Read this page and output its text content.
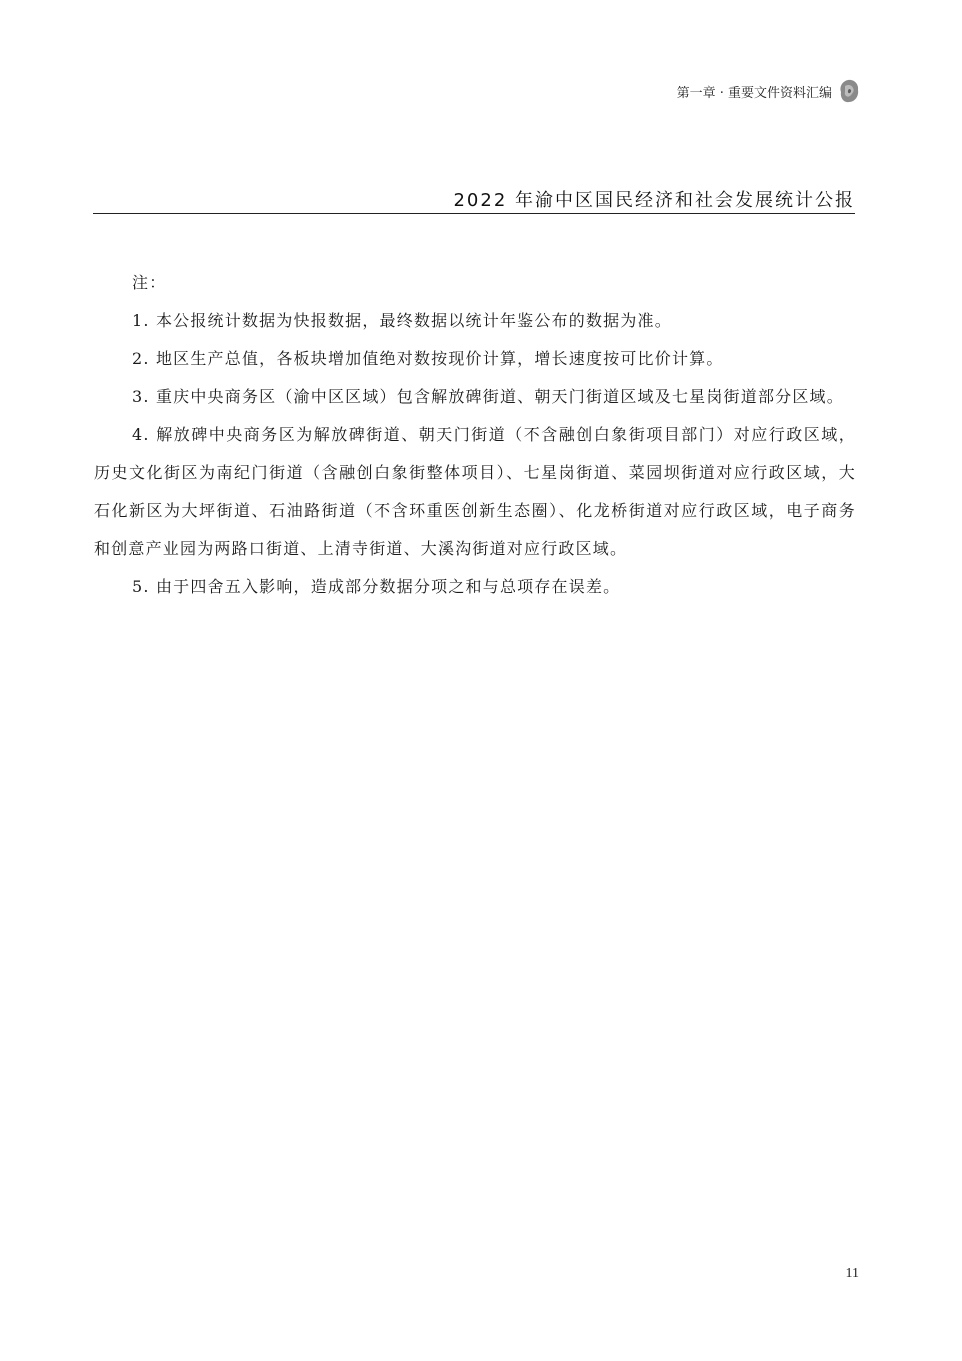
第一章 · 重要文件资料汇编
2022 年渝中区国民经济和社会发展统计公报

注：

1. 本公报统计数据为快报数据，最终数据以统计年鉴公布的数据为准。

2. 地区生产总值，各板块增加值绝对数按现价计算，增长速度按可比价计算。

3. 重庆中央商务区（渝中区区域）包含解放碑街道、朝天门街道区域及七星岗街道部分区域。

4. 解放碑中央商务区为解放碑街道、朝天门街道（不含融创白象街项目部门）对应行政区域，历史文化街区为南纪门街道（含融创白象街整体项目）、七星岗街道、菜园坝街道对应行政区域，大石化新区为大坪街道、石油路街道（不含环重医创新生态圈）、化龙桥街道对应行政区域，电子商务和创意产业园为两路口街道、上清寺街道、大溪沟街道对应行政区域。

5. 由于四舍五入影响，造成部分数据分项之和与总项存在误差。

11
